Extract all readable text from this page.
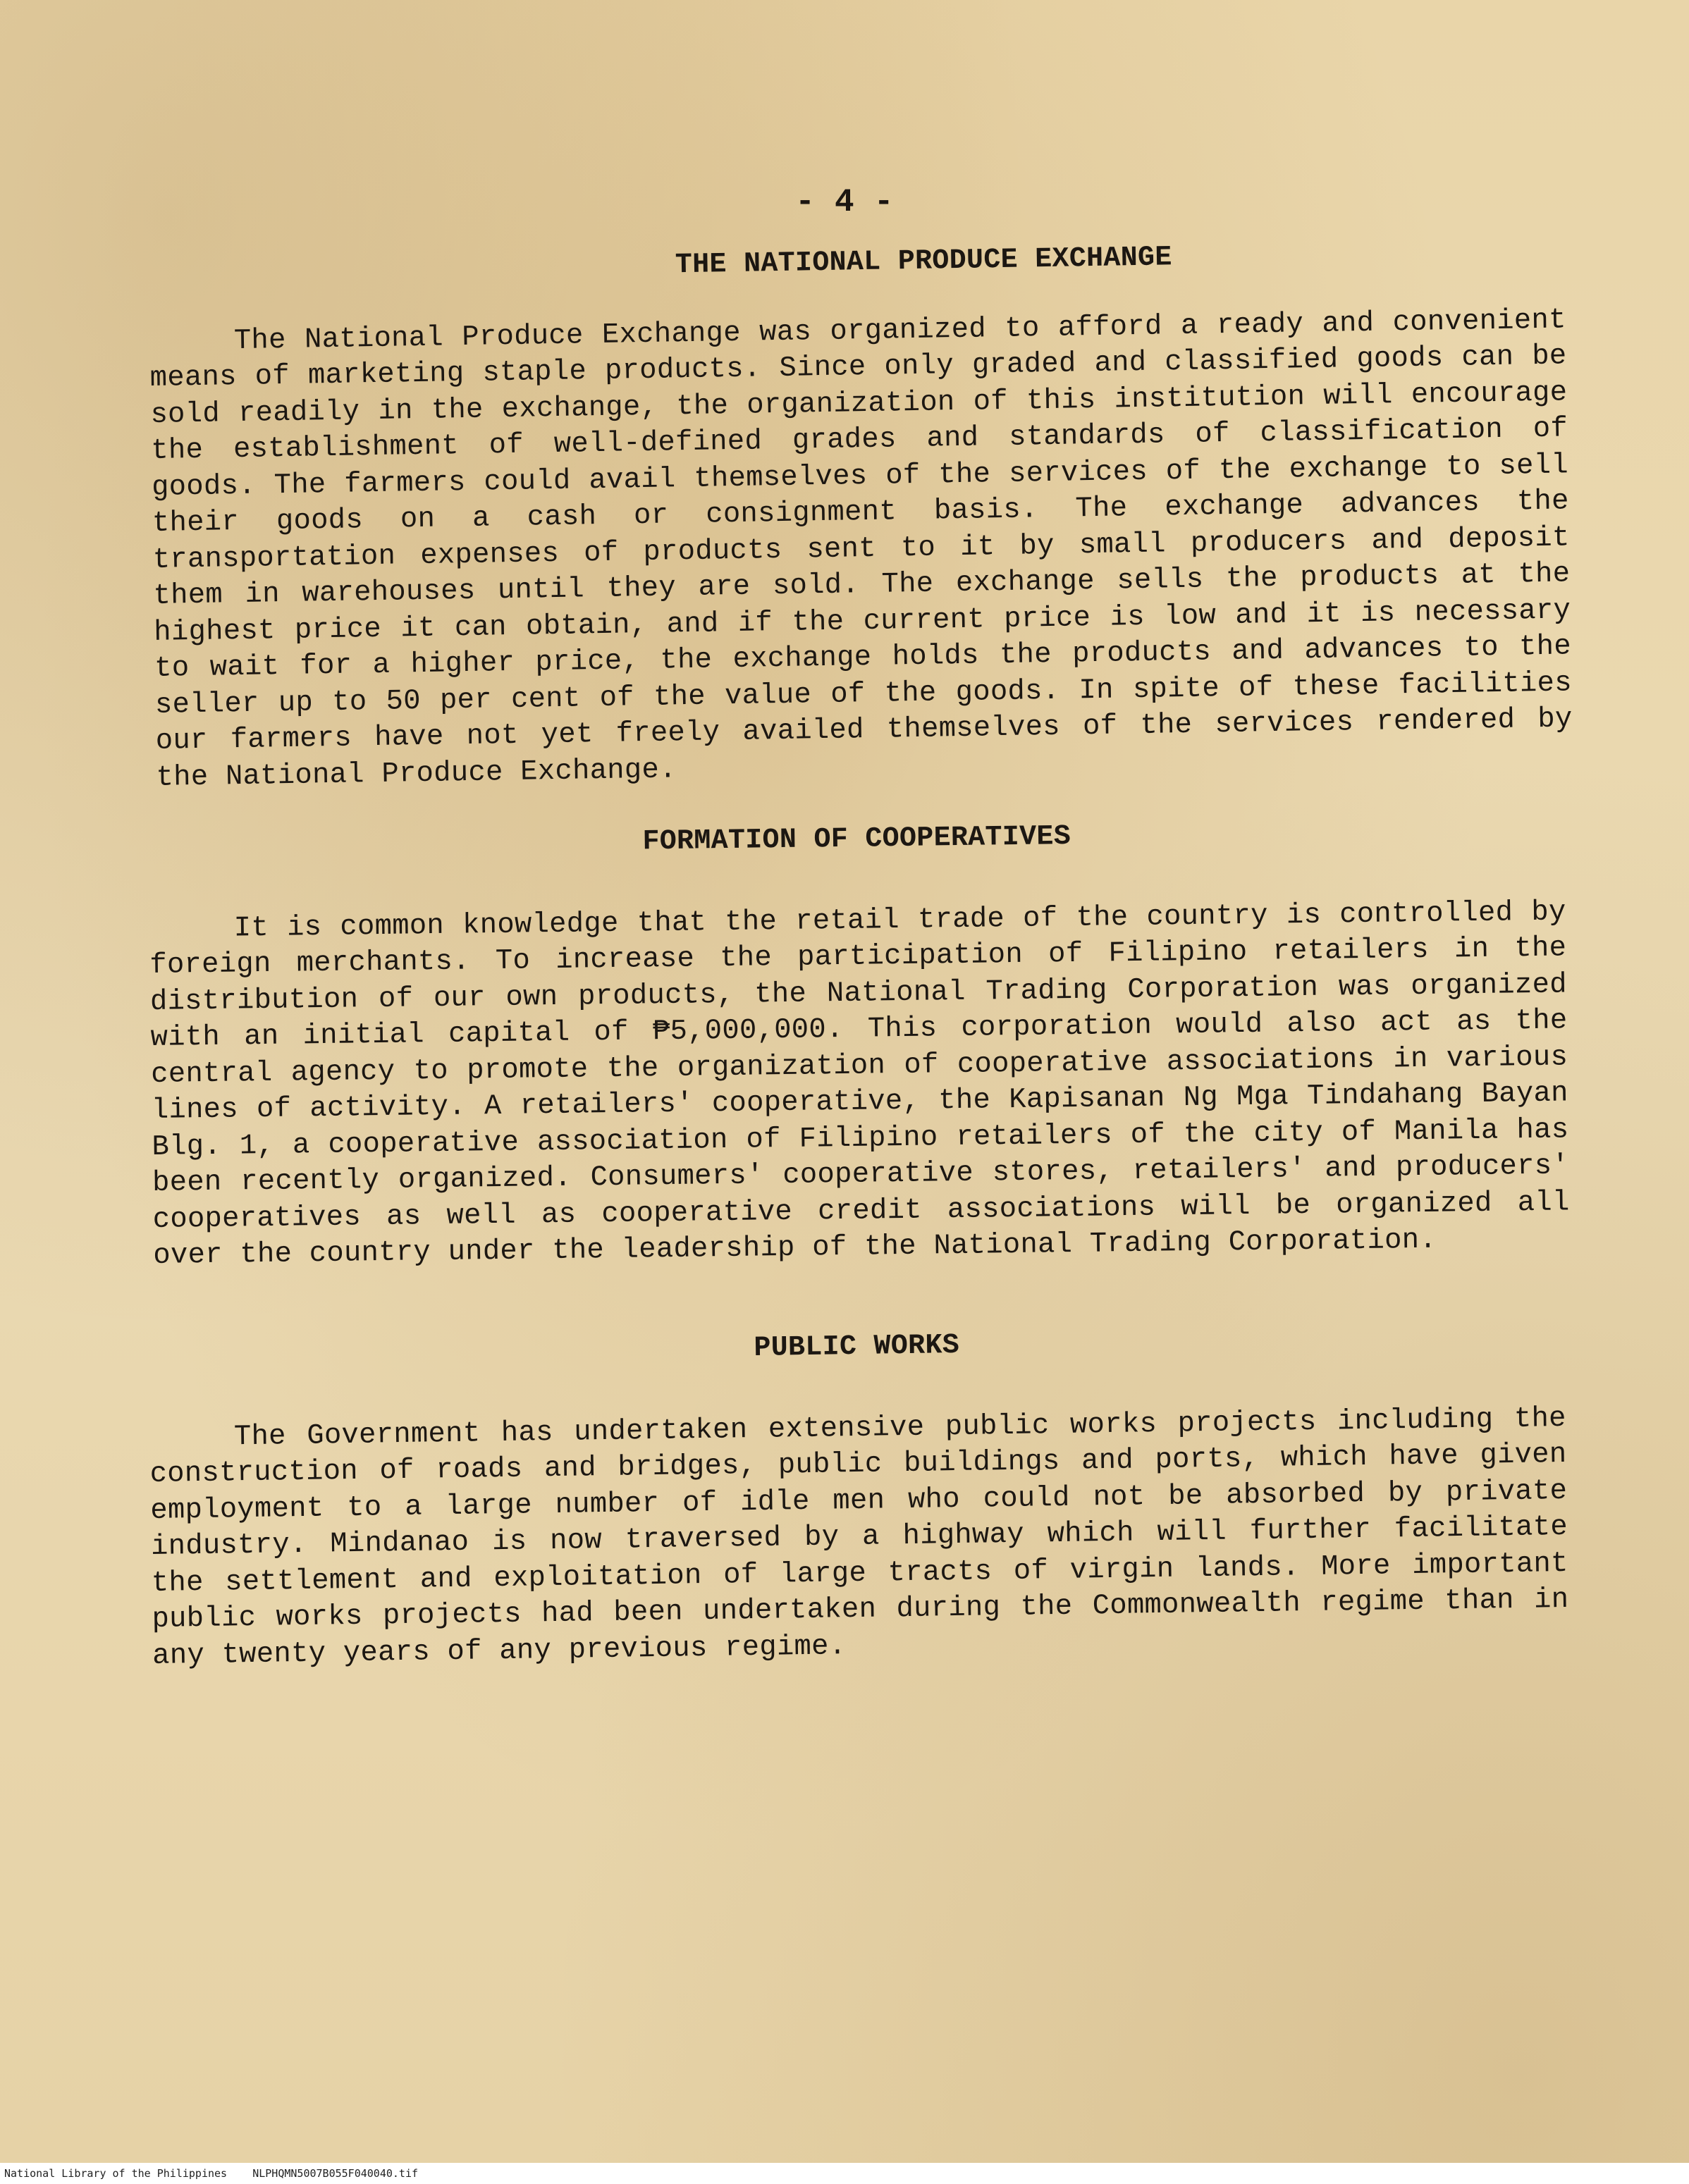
- 4 -

THE NATIONAL PRODUCE EXCHANGE

The National Produce Exchange was organized to afford a ready and convenient means of marketing staple products. Since only graded and classified goods can be sold readily in the exchange, the organization of this institution will encourage the establishment of well-defined grades and standards of classification of goods. The farmers could avail themselves of the services of the exchange to sell their goods on a cash or consignment basis. The exchange advances the transportation expenses of products sent to it by small producers and deposit them in warehouses until they are sold. The exchange sells the products at the highest price it can obtain, and if the current price is low and it is necessary to wait for a higher price, the exchange holds the products and advances to the seller up to 50 per cent of the value of the goods. In spite of these facilities our farmers have not yet freely availed themselves of the services rendered by the National Produce Exchange.

FORMATION OF COOPERATIVES

It is common knowledge that the retail trade of the country is controlled by foreign merchants. To increase the participation of Filipino retailers in the distribution of our own products, the National Trading Corporation was organized with an initial capital of ₱5,000,000. This corporation would also act as the central agency to promote the organization of cooperative associations in various lines of activity. A retailers' cooperative, the Kapisanan Ng Mga Tindahang Bayan Blg. 1, a cooperative association of Filipino retailers of the city of Manila has been recently organized. Consumers' cooperative stores, retailers' and producers' cooperatives as well as cooperative credit associations will be organized all over the country under the leadership of the National Trading Corporation.

PUBLIC WORKS

The Government has undertaken extensive public works projects including the construction of roads and bridges, public buildings and ports, which have given employment to a large number of idle men who could not be absorbed by private industry. Mindanao is now traversed by a highway which will further facilitate the settlement and exploitation of large tracts of virgin lands. More important public works projects had been undertaken during the Commonwealth regime than in any twenty years of any previous regime.

National Library of the Philippines NLPHQMN5007B055F040040.tif
